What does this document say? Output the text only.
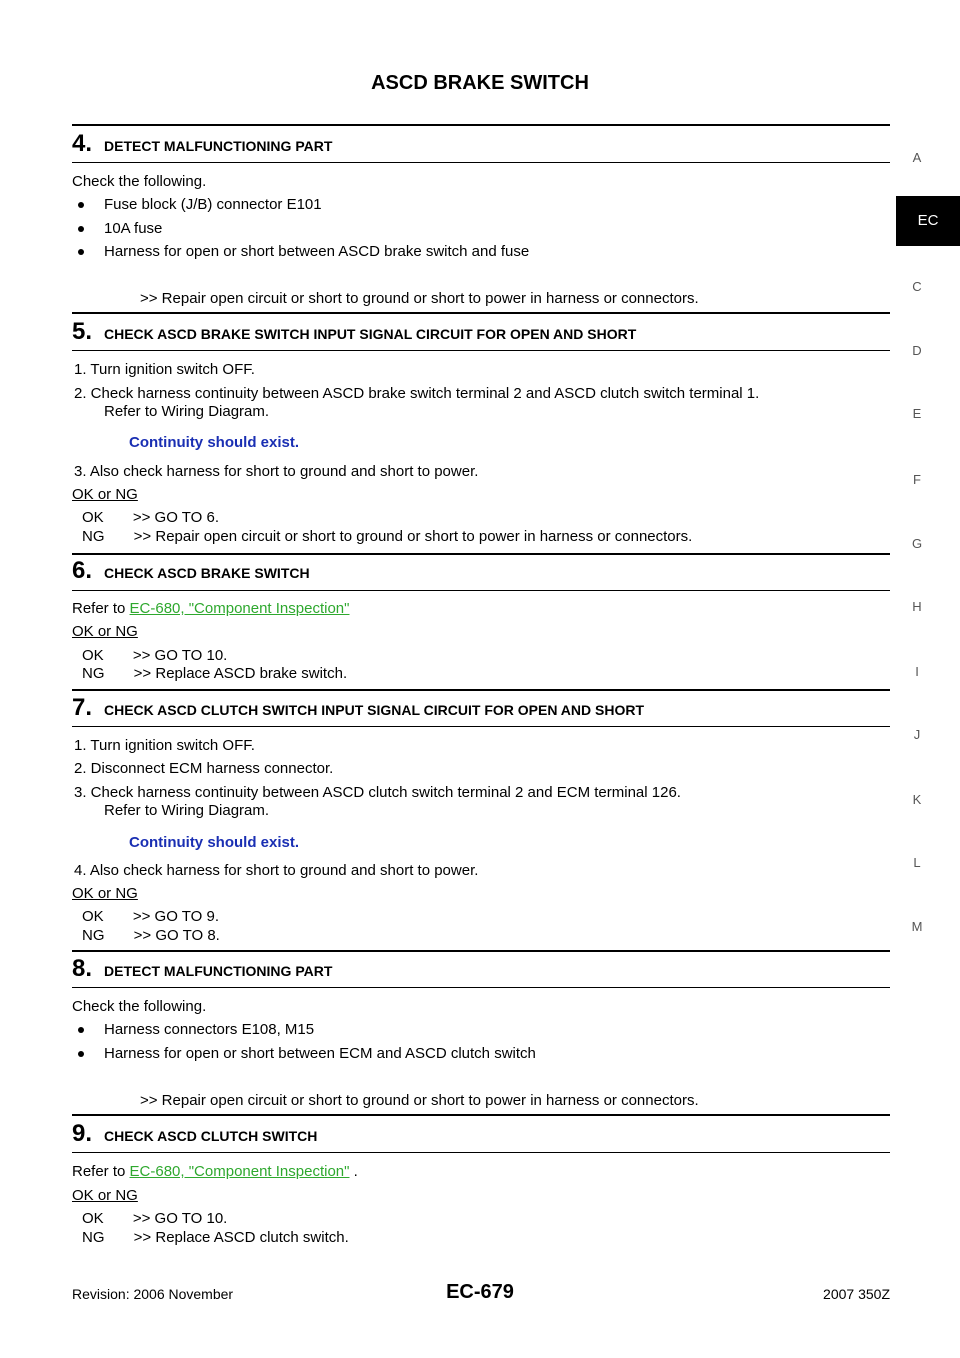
ASCD BRAKE SWITCH
A
EC
C
D
E
F
G
H
I
J
K
L
M
4. DETECT MALFUNCTIONING PART
Check the following.
Fuse block (J/B) connector E101
10A fuse
Harness for open or short between ASCD brake switch and fuse
>> Repair open circuit or short to ground or short to power in harness or connectors.
5. CHECK ASCD BRAKE SWITCH INPUT SIGNAL CIRCUIT FOR OPEN AND SHORT
1. Turn ignition switch OFF.
2. Check harness continuity between ASCD brake switch terminal 2 and ASCD clutch switch terminal 1.
Refer to Wiring Diagram.
Continuity should exist.
3. Also check harness for short to ground and short to power.
OK or NG
OK       >> GO TO 6.
NG       >> Repair open circuit or short to ground or short to power in harness or connectors.
6. CHECK ASCD BRAKE SWITCH
Refer to EC-680, "Component Inspection"
OK or NG
OK       >> GO TO 10.
NG       >> Replace ASCD brake switch.
7. CHECK ASCD CLUTCH SWITCH INPUT SIGNAL CIRCUIT FOR OPEN AND SHORT
1. Turn ignition switch OFF.
2. Disconnect ECM harness connector.
3. Check harness continuity between ASCD clutch switch terminal 2 and ECM terminal 126.
Refer to Wiring Diagram.
Continuity should exist.
4. Also check harness for short to ground and short to power.
OK or NG
OK       >> GO TO 9.
NG       >> GO TO 8.
8. DETECT MALFUNCTIONING PART
Check the following.
Harness connectors E108, M15
Harness for open or short between ECM and ASCD clutch switch
>> Repair open circuit or short to ground or short to power in harness or connectors.
9. CHECK ASCD CLUTCH SWITCH
Refer to EC-680, "Component Inspection" .
OK or NG
OK       >> GO TO 10.
NG       >> Replace ASCD clutch switch.
Revision: 2006 November	EC-679	2007 350Z
